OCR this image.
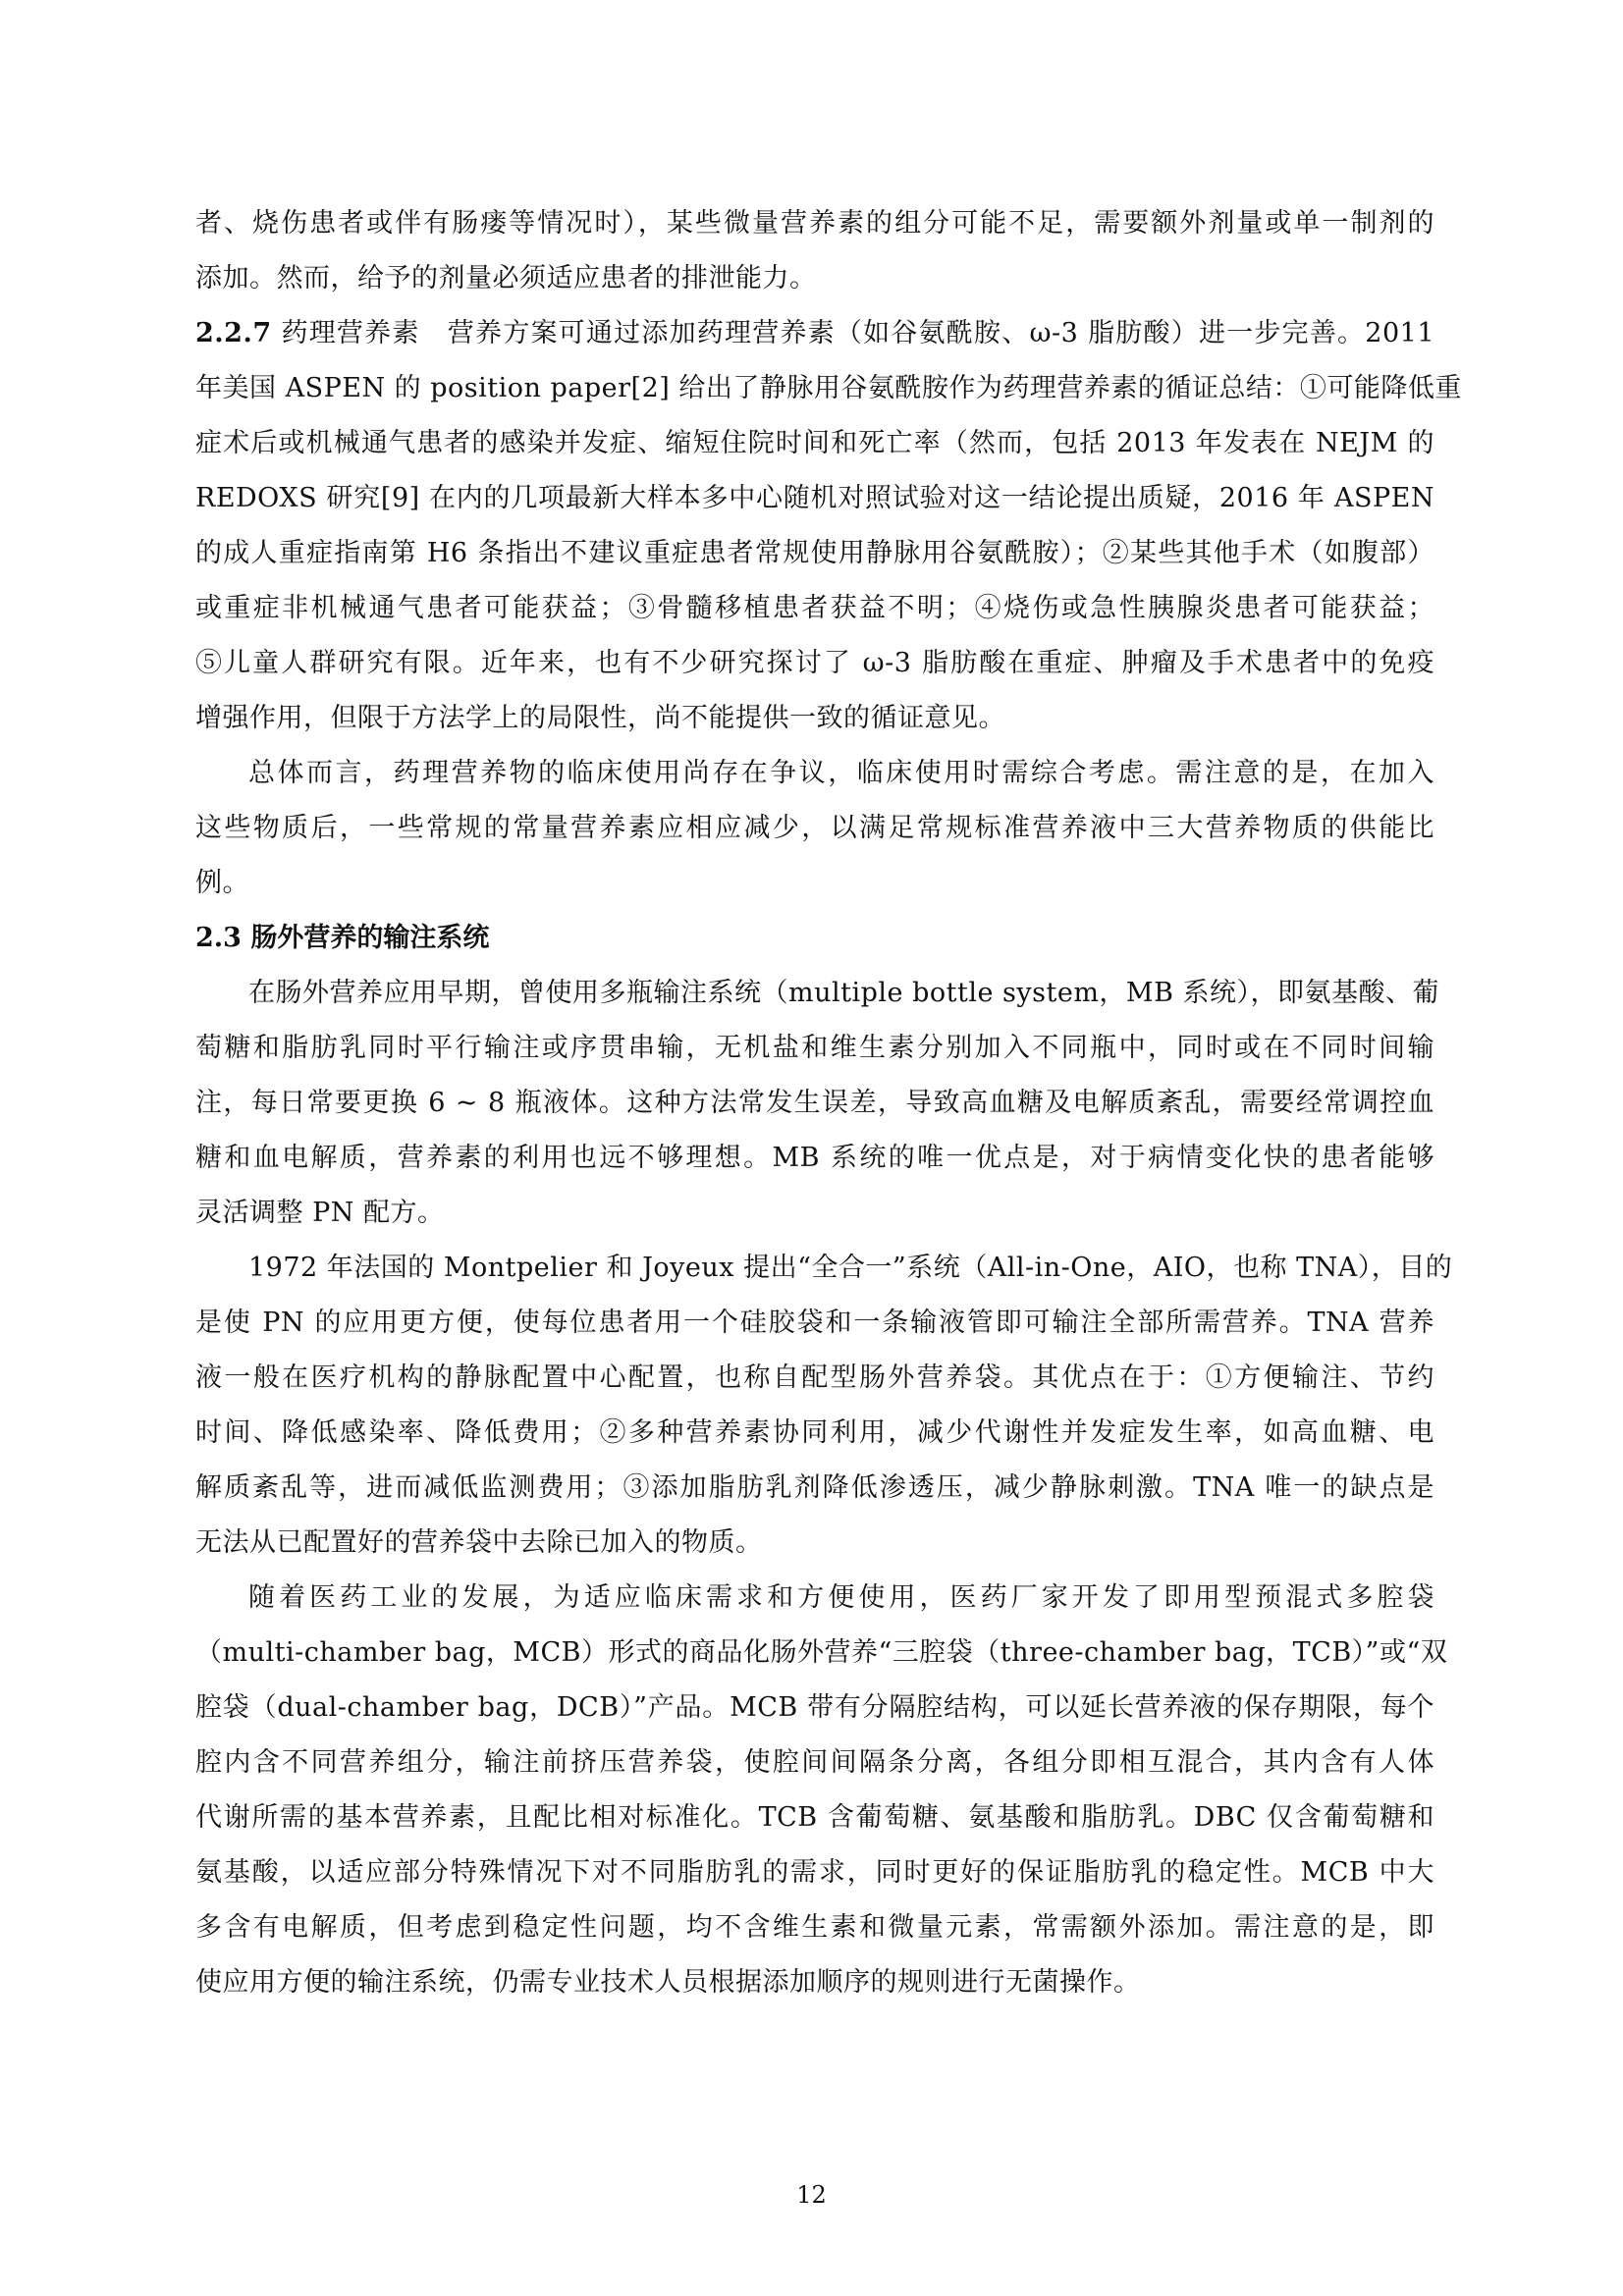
者、烧伤患者或伴有肠瘘等情况时），某些微量营养素的组分可能不足，需要额外剂量或单一制剂的
添加。然而，给予的剂量必须适应患者的排泄能力。
2.2.7 药理营养素　营养方案可通过添加药理营养素（如谷氨酰胺、ω-3 脂肪酸）进一步完善。2011
年美国 ASPEN 的 position paper[2] 给出了静脉用谷氨酰胺作为药理营养素的循证总结：①可能降低重
症术后或机械通气患者的感染并发症、缩短住院时间和死亡率（然而，包括 2013 年发表在 NEJM 的
REDOXS 研究[9] 在内的几项最新大样本多中心随机对照试验对这一结论提出质疑，2016 年 ASPEN
的成人重症指南第 H6 条指出不建议重症患者常规使用静脉用谷氨酰胺）；②某些其他手术（如腹部）
或重症非机械通气患者可能获益；③骨髓移植患者获益不明；④烧伤或急性胰腺炎患者可能获益；
⑤儿童人群研究有限。近年来，也有不少研究探讨了 ω-3 脂肪酸在重症、肿瘤及手术患者中的免疫
增强作用，但限于方法学上的局限性，尚不能提供一致的循证意见。
总体而言，药理营养物的临床使用尚存在争议，临床使用时需综合考虑。需注意的是，在加入
这些物质后，一些常规的常量营养素应相应减少，以满足常规标准营养液中三大营养物质的供能比
例。
2.3 肠外营养的输注系统
在肠外营养应用早期，曾使用多瓶输注系统（multiple bottle system，MB 系统），即氨基酸、葡
萄糖和脂肪乳同时平行输注或序贯串输，无机盐和维生素分别加入不同瓶中，同时或在不同时间输
注，每日常要更换 6 ~ 8 瓶液体。这种方法常发生误差，导致高血糖及电解质紊乱，需要经常调控血
糖和血电解质，营养素的利用也远不够理想。MB 系统的唯一优点是，对于病情变化快的患者能够
灵活调整 PN 配方。
1972 年法国的 Montpelier 和 Joyeux 提出“全合一”系统（All-in-One，AIO，也称 TNA），目的
是使 PN 的应用更方便，使每位患者用一个硅胶袋和一条输液管即可输注全部所需营养。TNA 营养
液一般在医疗机构的静脉配置中心配置，也称自配型肠外营养袋。其优点在于：①方便输注、节约
时间、降低感染率、降低费用；②多种营养素协同利用，减少代谢性并发症发生率，如高血糖、电
解质紊乱等，进而减低监测费用；③添加脂肪乳剂降低渗透压，减少静脉刺激。TNA 唯一的缺点是
无法从已配置好的营养袋中去除已加入的物质。
随着医药工业的发展，为适应临床需求和方便使用，医药厂家开发了即用型预混式多腔袋
（multi-chamber bag，MCB）形式的商品化肠外营养“三腔袋（three-chamber bag，TCB）”或“双
腔袋（dual-chamber bag，DCB）”产品。MCB 带有分隔腔结构，可以延长营养液的保存期限，每个
腔内含不同营养组分，输注前挤压营养袋，使腔间间隔条分离，各组分即相互混合，其内含有人体
代谢所需的基本营养素，且配比相对标准化。TCB 含葡萄糖、氨基酸和脂肪乳。DBC 仅含葡萄糖和
氨基酸，以适应部分特殊情况下对不同脂肪乳的需求，同时更好的保证脂肪乳的稳定性。MCB 中大
多含有电解质，但考虑到稳定性问题，均不含维生素和微量元素，常需额外添加。需注意的是，即
使应用方便的输注系统，仍需专业技术人员根据添加顺序的规则进行无菌操作。
12
